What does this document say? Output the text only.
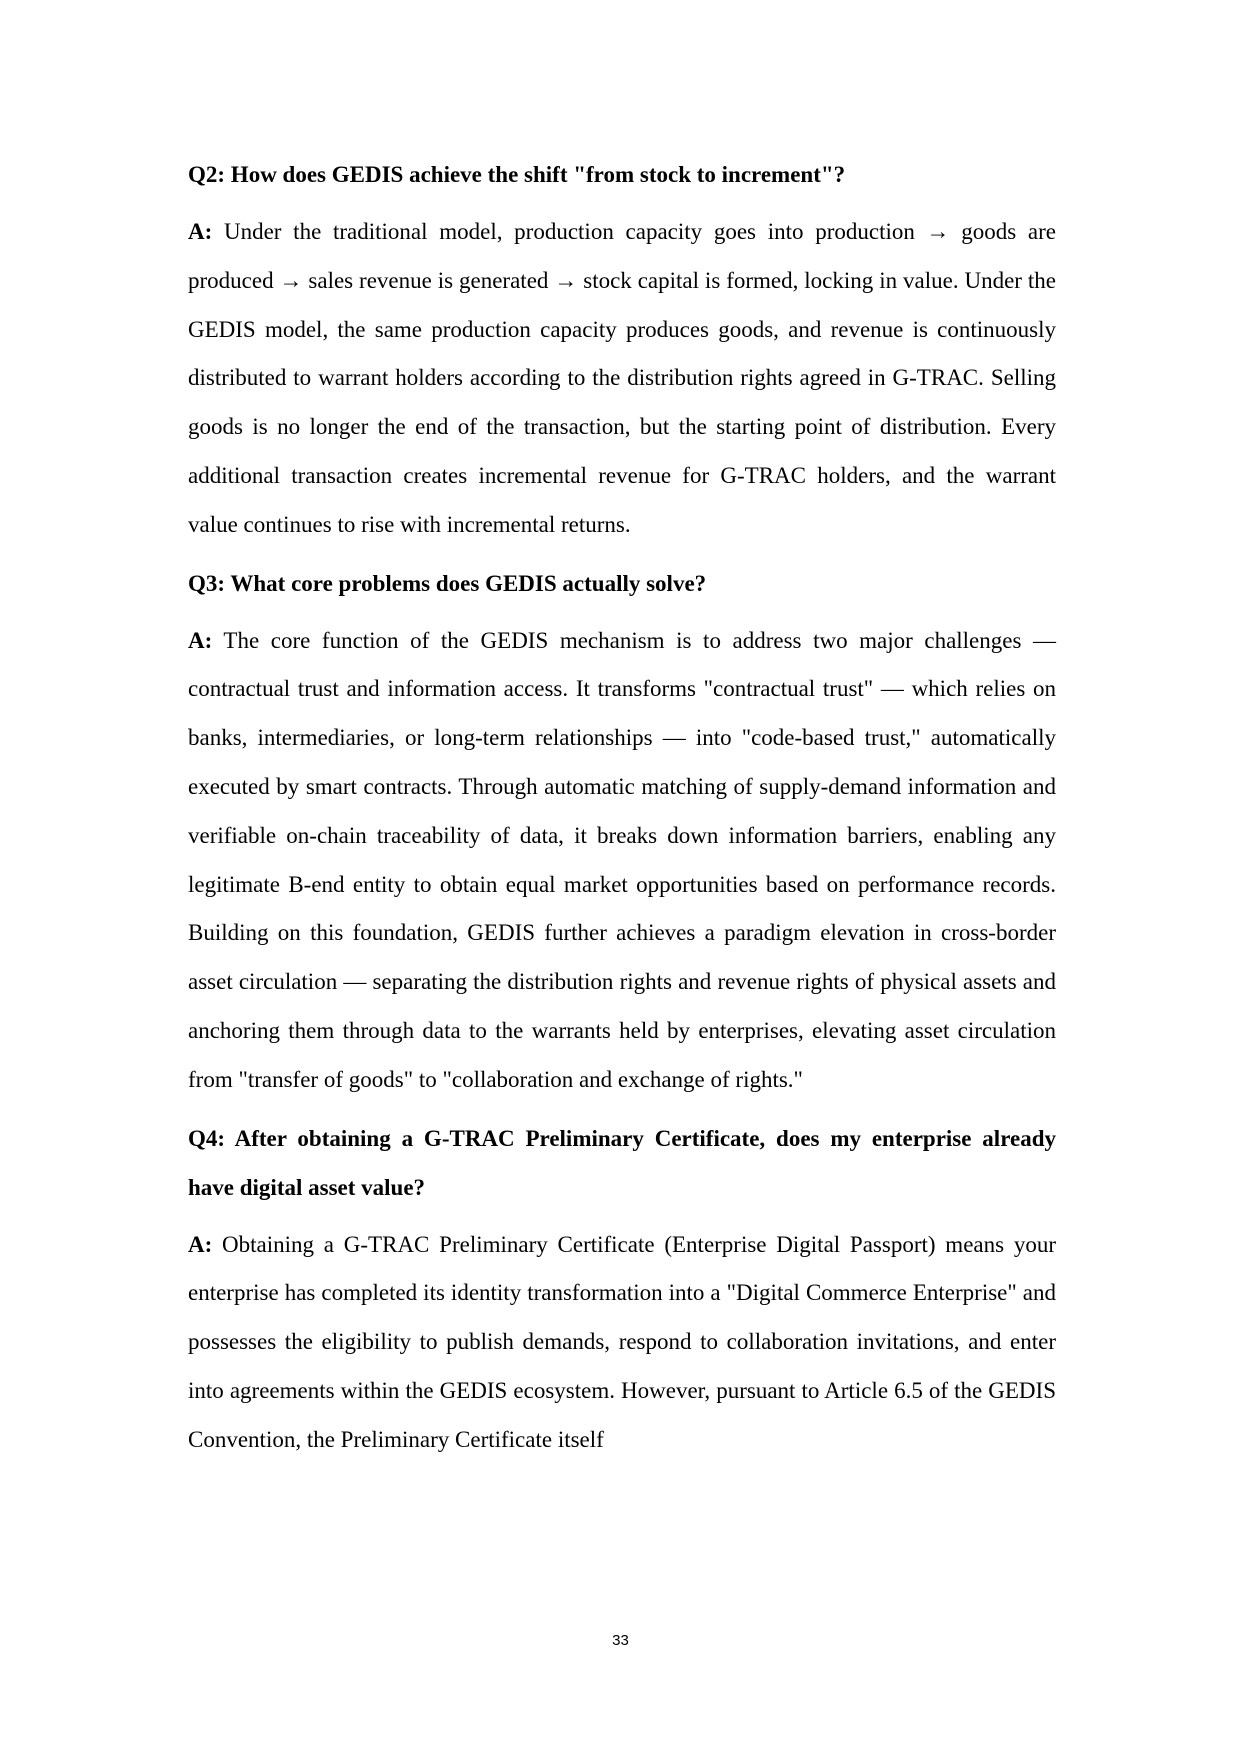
Q2: How does GEDIS achieve the shift "from stock to increment"?

A: Under the traditional model, production capacity goes into production → goods are produced → sales revenue is generated → stock capital is formed, locking in value. Under the GEDIS model, the same production capacity produces goods, and revenue is continuously distributed to warrant holders according to the distribution rights agreed in G-TRAC. Selling goods is no longer the end of the transaction, but the starting point of distribution. Every additional transaction creates incremental revenue for G-TRAC holders, and the warrant value continues to rise with incremental returns.

Q3: What core problems does GEDIS actually solve?

A: The core function of the GEDIS mechanism is to address two major challenges — contractual trust and information access. It transforms "contractual trust" — which relies on banks, intermediaries, or long-term relationships — into "code-based trust," automatically executed by smart contracts. Through automatic matching of supply-demand information and verifiable on-chain traceability of data, it breaks down information barriers, enabling any legitimate B-end entity to obtain equal market opportunities based on performance records. Building on this foundation, GEDIS further achieves a paradigm elevation in cross-border asset circulation — separating the distribution rights and revenue rights of physical assets and anchoring them through data to the warrants held by enterprises, elevating asset circulation from "transfer of goods" to "collaboration and exchange of rights."

Q4: After obtaining a G-TRAC Preliminary Certificate, does my enterprise already have digital asset value?

A: Obtaining a G-TRAC Preliminary Certificate (Enterprise Digital Passport) means your enterprise has completed its identity transformation into a "Digital Commerce Enterprise" and possesses the eligibility to publish demands, respond to collaboration invitations, and enter into agreements within the GEDIS ecosystem. However, pursuant to Article 6.5 of the GEDIS Convention, the Preliminary Certificate itself

33
